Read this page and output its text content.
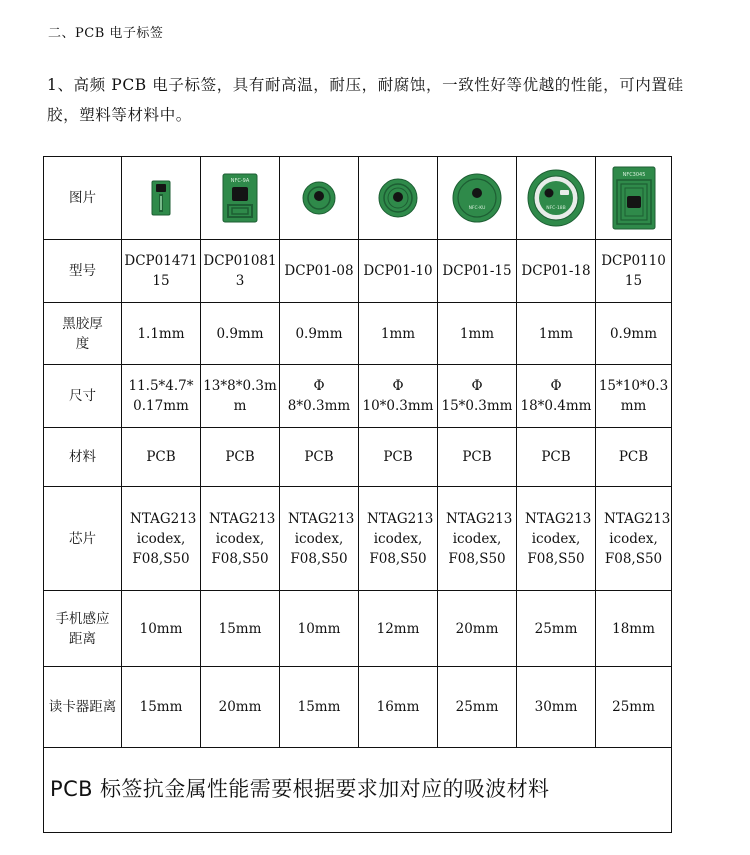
二、PCB 电子标签
1、高频 PCB 电子标签，具有耐高温，耐压，耐腐蚀，一致性好等优越的性能，可内置硅胶，塑料等材料中。
图片		NFC-9A			NFC-KU	NFC-18B	NFC3045

型号	DCP0147115	DCP010813	DCP01-08	DCP01-10	DCP01-15	DCP01-18	DCP011015
黑胶厚度	1.1mm	0.9mm	0.9mm	1mm	1mm	1mm	0.9mm
尺寸	11.5*4.7*0.17mm	13*8*0.3mm	Φ 8*0.3mm	Φ 10*0.3mm	Φ 15*0.3mm	Φ 18*0.4mm	15*10*0.3mm
材料	PCB	PCB	PCB	PCB	PCB	PCB	PCB
芯片	NTAG213 icodex, F08,S50	NTAG213 icodex, F08,S50	NTAG213 icodex, F08,S50	NTAG213 icodex, F08,S50	NTAG213 icodex, F08,S50	NTAG213 icodex, F08,S50	NTAG213 icodex, F08,S50
手机感应距离	10mm	15mm	10mm	12mm	20mm	25mm	18mm
读卡器距离	15mm	20mm	15mm	16mm	25mm	30mm	25mm
PCB 标签抗金属性能需要根据要求加对应的吸波材料							
